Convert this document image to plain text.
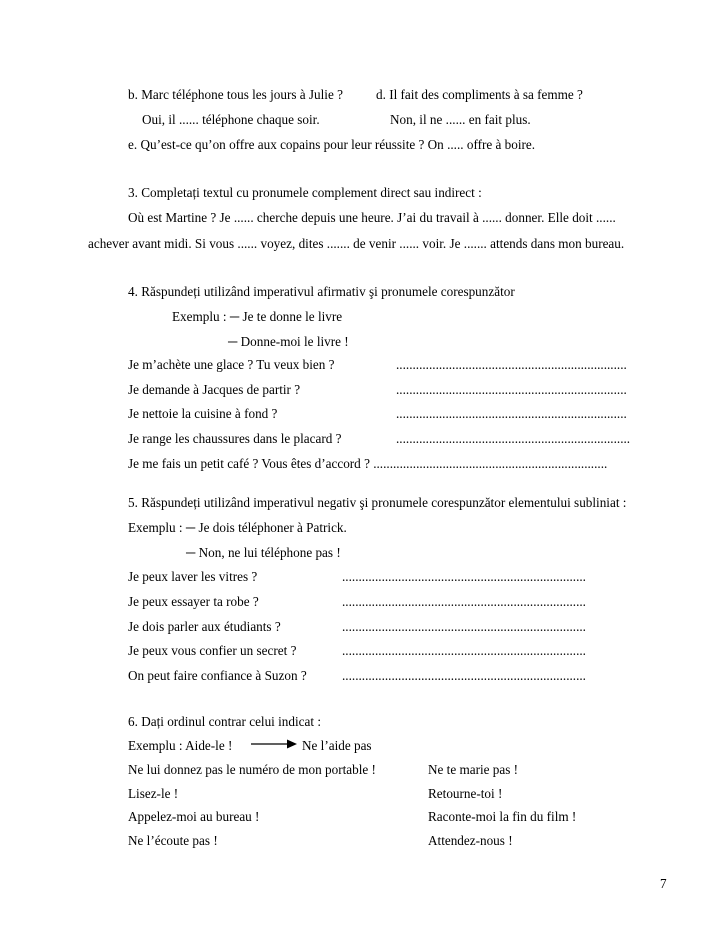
b. Marc téléphone tous les jours à Julie ?	d. Il fait des compliments à sa femme ?
Oui, il ...... téléphone chaque soir.	Non, il ne ...... en fait plus.
e. Qu’est-ce qu’on offre aux copains pour leur réussite ? On ..... offre à boire.
3. Completați textul cu pronumele complement direct sau indirect :
Où est Martine ? Je ...... cherche depuis une heure. J’ai du travail à ...... donner. Elle doit ......
achever avant midi. Si vous ...... voyez, dites ....... de venir ...... voir. Je ....... attends dans mon bureau.
4. Răspundeți utilizând imperativul afirmativ şi pronumele corespunzător
Exemplu : ─ Je te donne le livre
─ Donne-moi le livre !
Je m’achète une glace ? Tu veux bien ?	......................................................................
Je demande à Jacques de partir ?	......................................................................
Je nettoie la cuisine à fond ?	......................................................................
Je range les chaussures dans le placard ?	.......................................................................
Je me fais un petit café ? Vous êtes d’accord ? .......................................................................
5. Răspundeți utilizând imperativul negativ şi pronumele corespunzător elementului subliniat :
Exemplu : ─ Je dois téléphoner à Patrick.
─ Non, ne lui téléphone pas !
Je peux laver les vitres ?	..........................................................................
Je peux essayer ta robe ?	..........................................................................
Je dois parler aux étudiants ?	..........................................................................
Je peux vous confier un secret ?	..........................................................................
On peut faire confiance à Suzon ?	..........................................................................
6. Dați ordinul contrar celui indicat :
Exemplu : Aide-le !	Ne l’aide pas
Ne lui donnez pas le numéro de mon portable !	Ne te marie pas !
Lisez-le !	Retourne-toi !
Appelez-moi au bureau !	Raconte-moi la fin du film !
Ne l’écoute pas !	Attendez-nous !
7
